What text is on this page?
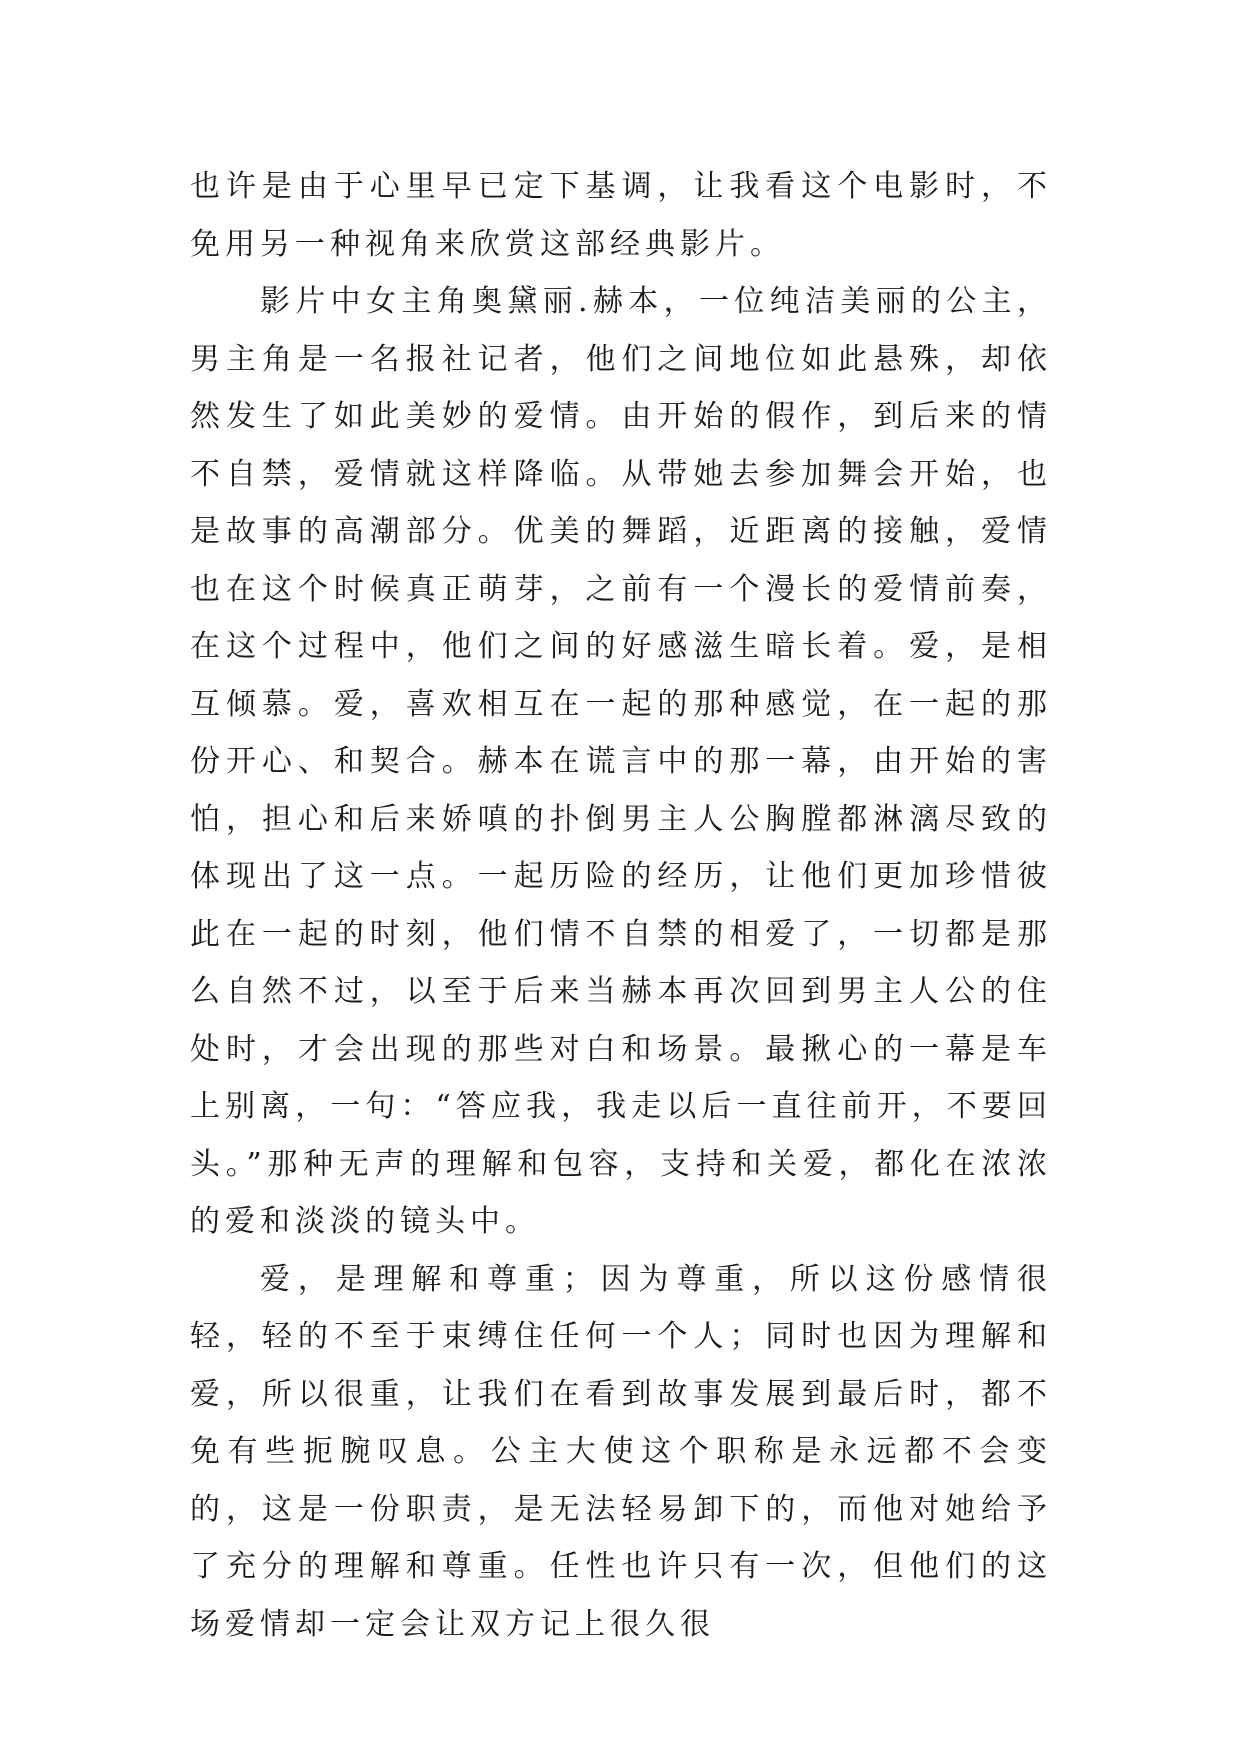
也许是由于心里早已定下基调，让我看这个电影时，不免用另一种视角来欣赏这部经典影片。

影片中女主角奥黛丽.赫本，一位纯洁美丽的公主，男主角是一名报社记者，他们之间地位如此悬殊，却依然发生了如此美妙的爱情。由开始的假作，到后来的情不自禁，爱情就这样降临。从带她去参加舞会开始，也是故事的高潮部分。优美的舞蹈，近距离的接触，爱情也在这个时候真正萌芽，之前有一个漫长的爱情前奏，在这个过程中，他们之间的好感滋生暗长着。爱，是相互倾慕。爱，喜欢相互在一起的那种感觉，在一起的那份开心、和契合。赫本在谎言中的那一幕，由开始的害怕，担心和后来娇嗔的扑倒男主人公胸膛都淋漓尽致的体现出了这一点。一起历险的经历，让他们更加珍惜彼此在一起的时刻，他们情不自禁的相爱了，一切都是那么自然不过，以至于后来当赫本再次回到男主人公的住处时，才会出现的那些对白和场景。最揪心的一幕是车上别离，一句：“答应我，我走以后一直往前开，不要回头。”那种无声的理解和包容，支持和关爱，都化在浓浓的爱和淡淡的镜头中。

爱，是理解和尊重；因为尊重，所以这份感情很轻，轻的不至于束缚住任何一个人；同时也因为理解和爱，所以很重，让我们在看到故事发展到最后时，都不免有些扼腕叹息。公主大使这个职称是永远都不会变的，这是一份职责，是无法轻易卸下的，而他对她给予了充分的理解和尊重。任性也许只有一次，但他们的这场爱情却一定会让双方记上很久很
